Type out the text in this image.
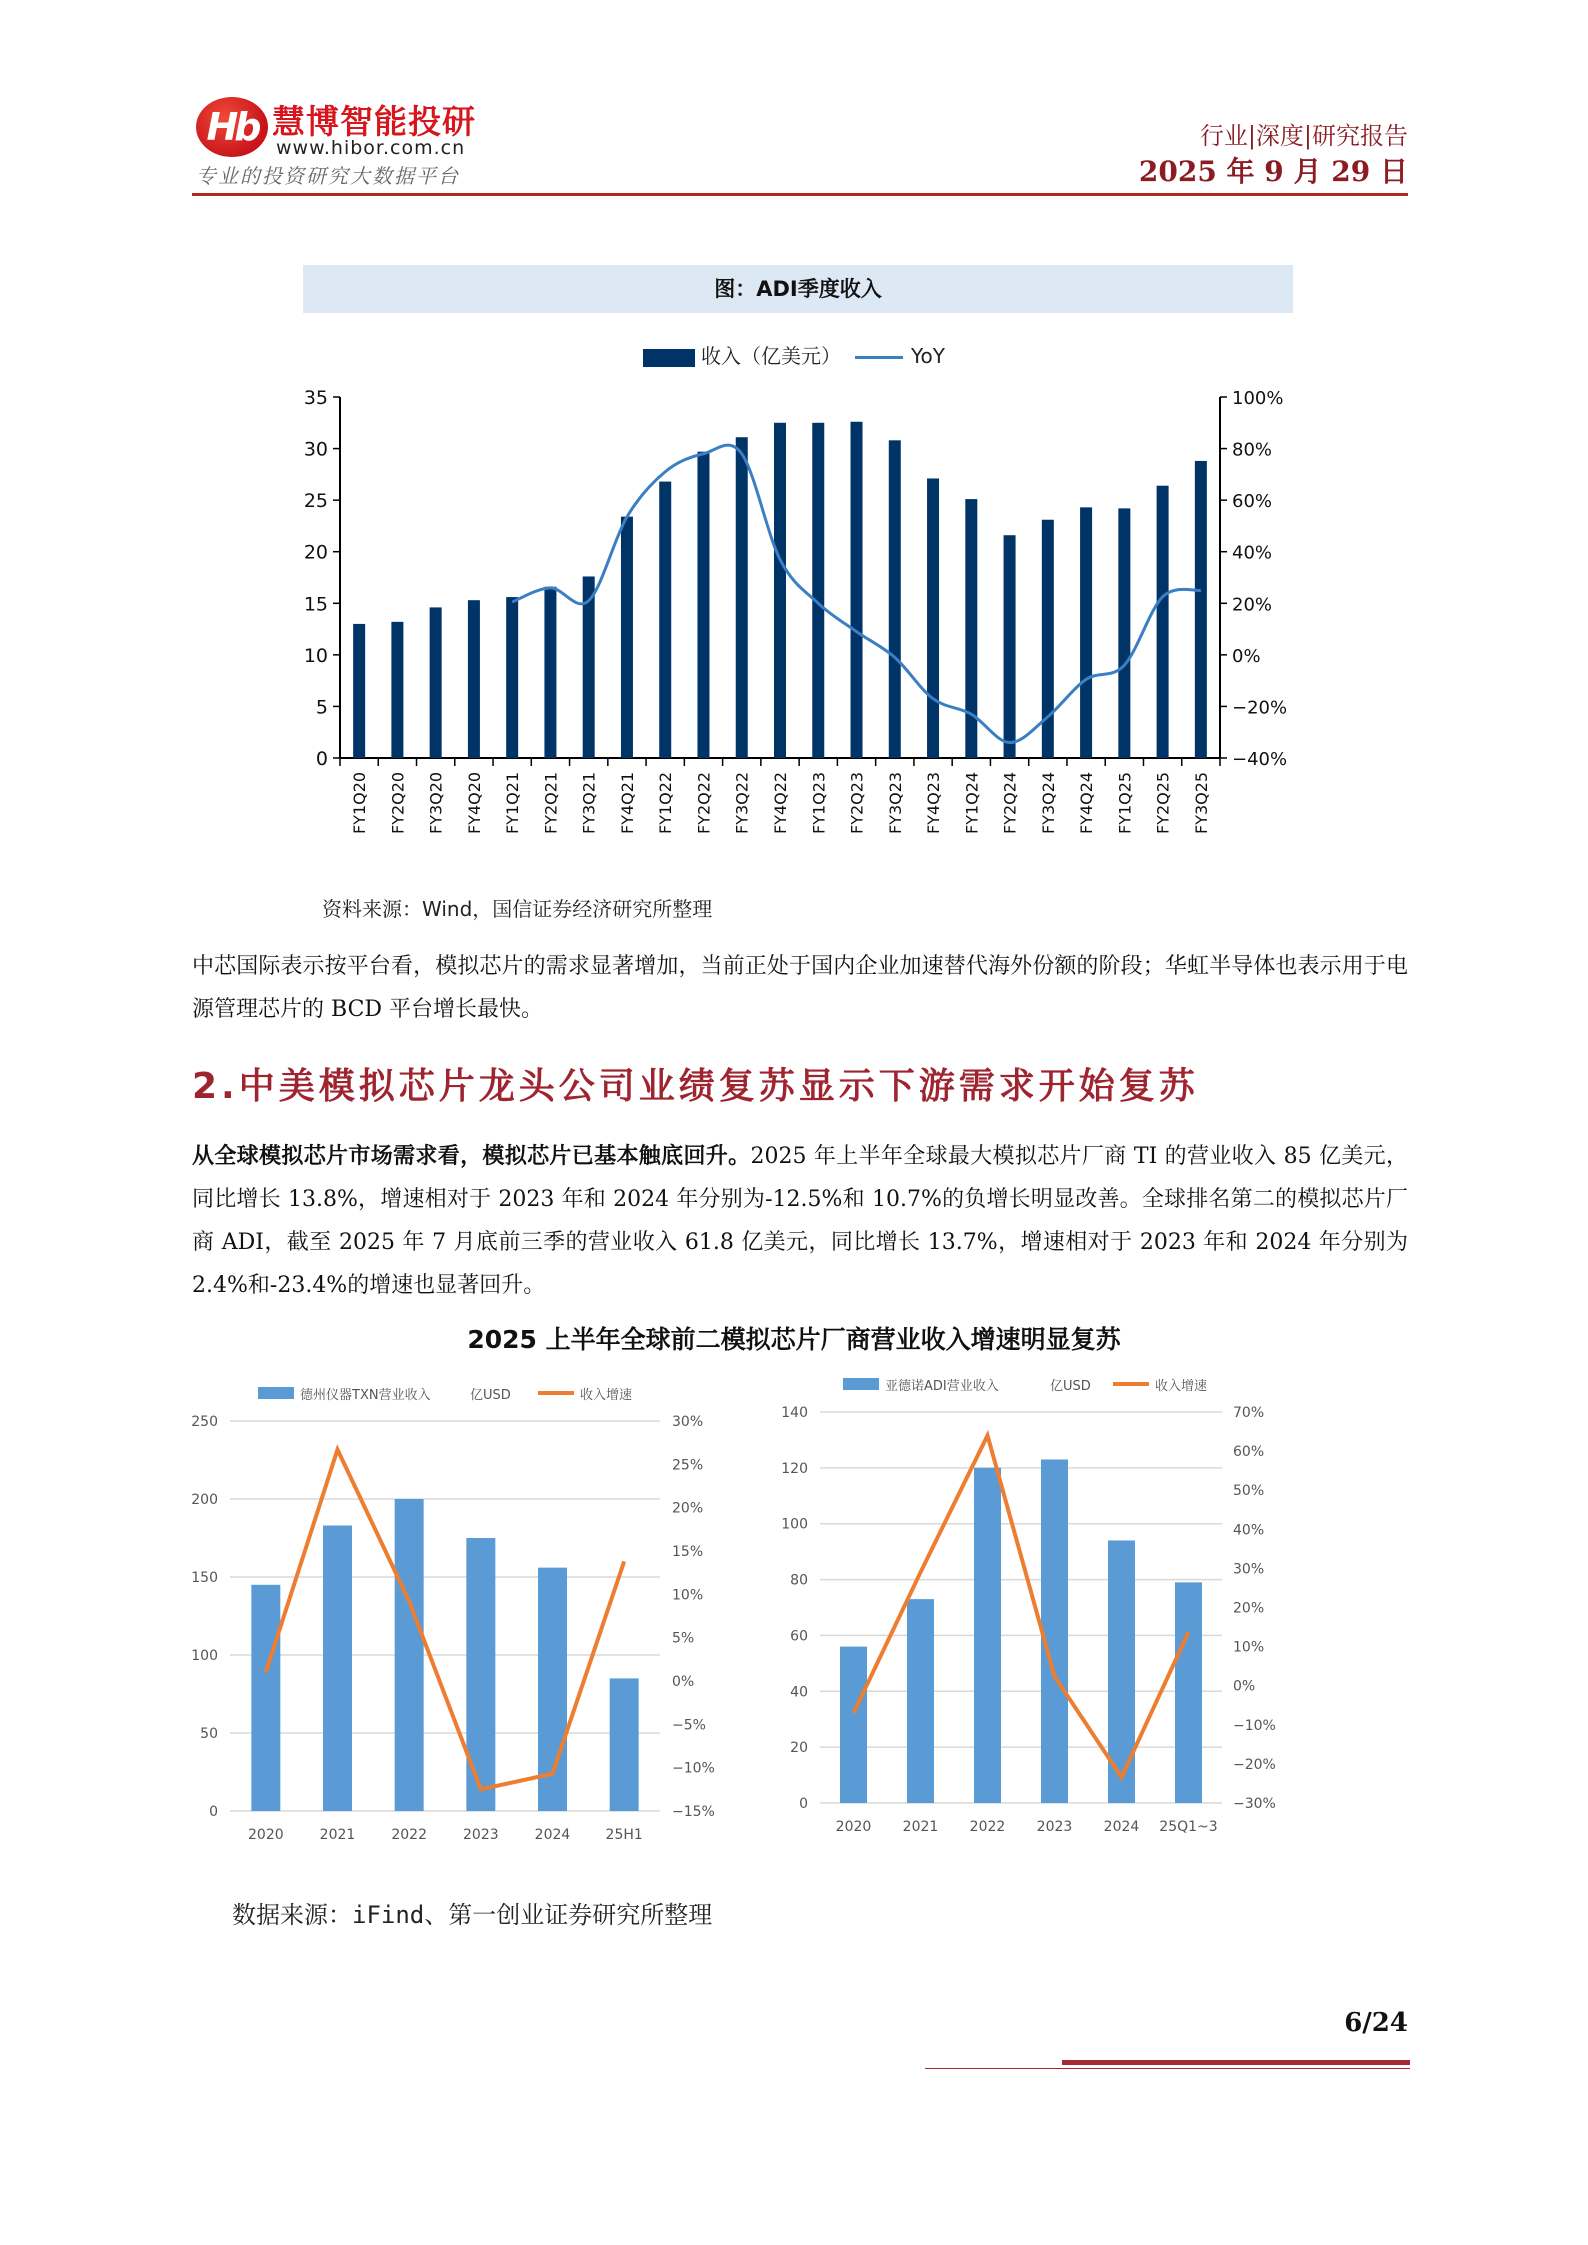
Hb 慧博智能投研
www.hibor.com.cn
专业的投资研究大数据平台
行业|深度|研究报告
2025 年 9 月 29 日
图：ADI季度收入
收入（亿美元）	YoY
0
5
10
15
20
25
30
35
−40%
−20%
0%
20%
40%
60%
80%
100%
FY1Q20 FY2Q20 FY3Q20 FY4Q20 FY1Q21 FY2Q21 FY3Q21 FY4Q21 FY1Q22 FY2Q22 FY3Q22 FY4Q22 FY1Q23 FY2Q23 FY3Q23 FY4Q23 FY1Q24 FY2Q24 FY3Q24 FY4Q24 FY1Q25 FY2Q25 FY3Q25
资料来源：Wind，国信证券经济研究所整理
中芯国际表示按平台看，模拟芯片的需求显著增加，当前正处于国内企业加速替代海外份额的阶段；华虹半导体也表示用于电源管理芯片的 BCD 平台增长最快。
2.中美模拟芯片龙头公司业绩复苏显示下游需求开始复苏
从全球模拟芯片市场需求看，模拟芯片已基本触底回升。2025 年上半年全球最大模拟芯片厂商 TI 的营业收入 85 亿美元，同比增长 13.8%，增速相对于 2023 年和 2024 年分别为-12.5%和 10.7%的负增长明显改善。全球排名第二的模拟芯片厂商 ADI，截至 2025 年 7 月底前三季的营业收入 61.8 亿美元，同比增长 13.7%，增速相对于 2023 年和 2024 年分别为 2.4%和-23.4%的增速也显著回升。
2025 上半年全球前二模拟芯片厂商营业收入增速明显复苏
德州仪器TXN营业收入	亿USD	收入增速
0
50
100
150
200
250
−15%
−10%
−5%
0%
5%
10%
15%
20%
25%
30%
2020	2021	2022	2023	2024	25H1
亚德诺ADI营业收入	亿USD	收入增速
0
20
40
60
80
100
120
140
−30%
−20%
−10%
0%
10%
20%
30%
40%
50%
60%
70%
2020 2021 2022 2023 2024 25Q1~3
数据来源：iFind、第一创业证券研究所整理
6/24
